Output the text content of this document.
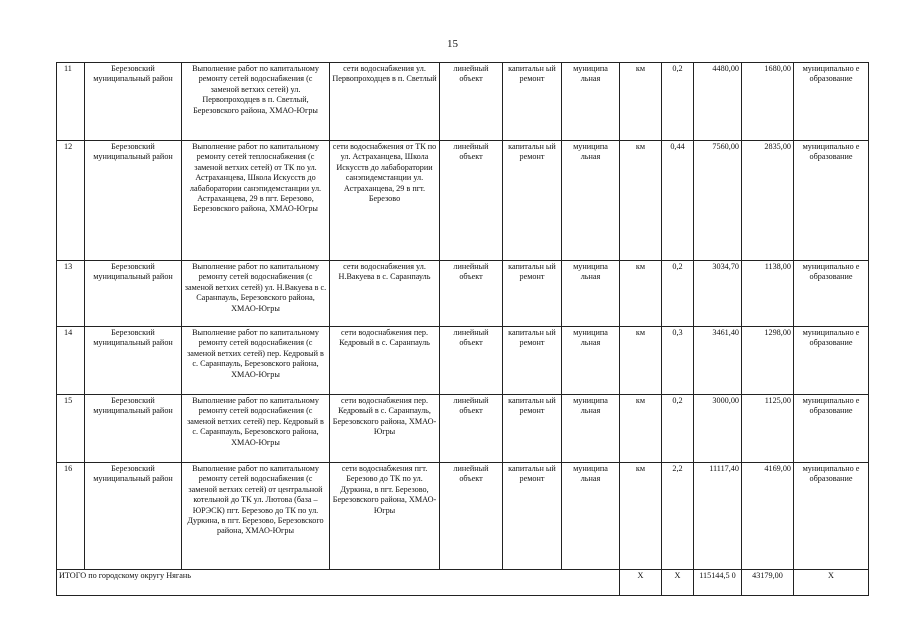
15
11	Березовский муниципальный район	Выполнение работ по капитальному ремонту сетей водоснабжения (с заменой ветхих сетей) ул. Первопроходцев в п. Светлый, Березовского района, ХМАО-Югры	сети водоснабжения ул. Первопроходцев в п. Светлый	линейный объект	капитальн ый ремонт	муниципа льная	км	0,2	4480,00	1680,00	муниципально е образование
12	Березовский муниципальный район	Выполнение работ по капитальному ремонту сетей теплоснабжения (с заменой ветхих сетей) от ТК по ул. Астраханцева, Школа Искусств до лабаборатории санэпидемстанции ул. Астраханцева, 29 в пгт. Березово, Березовского района, ХМАО-Югры	сети водоснабжения от ТК по ул. Астраханцева, Школа Искусств до лабаборатории санэпидемстанции ул. Астраханцева, 29 в пгт. Березово	линейный объект	капитальн ый ремонт	муниципа льная	км	0,44	7560,00	2835,00	муниципально е образование
13	Березовский муниципальный район	Выполнение работ по капитальному ремонту сетей водоснабжения (с заменой ветхих сетей) ул. Н.Вакуева в с. Саранпауль, Березовского района, ХМАО-Югры	сети водоснабжения ул. Н.Вакуева в с. Саранпауль	линейный объект	капитальн ый ремонт	муниципа льная	км	0,2	3034,70	1138,00	муниципально е образование
14	Березовский муниципальный район	Выполнение работ по капитальному ремонту сетей водоснабжения (с заменой ветхих сетей) пер. Кедровый в с. Саранпауль, Березовского района, ХМАО-Югры	сети водоснабжения пер. Кедровый в с. Саранпауль	линейный объект	капитальн ый ремонт	муниципа льная	км	0,3	3461,40	1298,00	муниципально е образование
15	Березовский муниципальный район	Выполнение работ по капитальному ремонту сетей водоснабжения (с заменой ветхих сетей) пер. Кедровый в с. Саранпауль, Березовского района, ХМАО-Югры	сети водоснабжения пер. Кедровый в с. Саранпауль, Березовского района, ХМАО-Югры	линейный объект	капитальн ый ремонт	муниципа льная	км	0,2	3000,00	1125,00	муниципально е образование
16	Березовский муниципальный район	Выполнение работ по капитальному ремонту сетей водоснабжения (с заменой ветхих сетей) от центральной котельной до ТК ул. Лютова (база – ЮРЭСК) пгт. Березово до ТК по ул. Дуркина, в пгт. Березово, Березовского района, ХМАО-Югры	сети водоснабжения пгт. Березово до ТК по ул. Дуркина, в пгт. Березово, Березовского района, ХМАО-Югры	линейный объект	капитальн ый ремонт	муниципа льная	км	2,2	11117,40	4169,00	муниципально е образование
ИТОГО по городскому округу Нягань							Х	Х	115144,5 0	43179,00	Х
